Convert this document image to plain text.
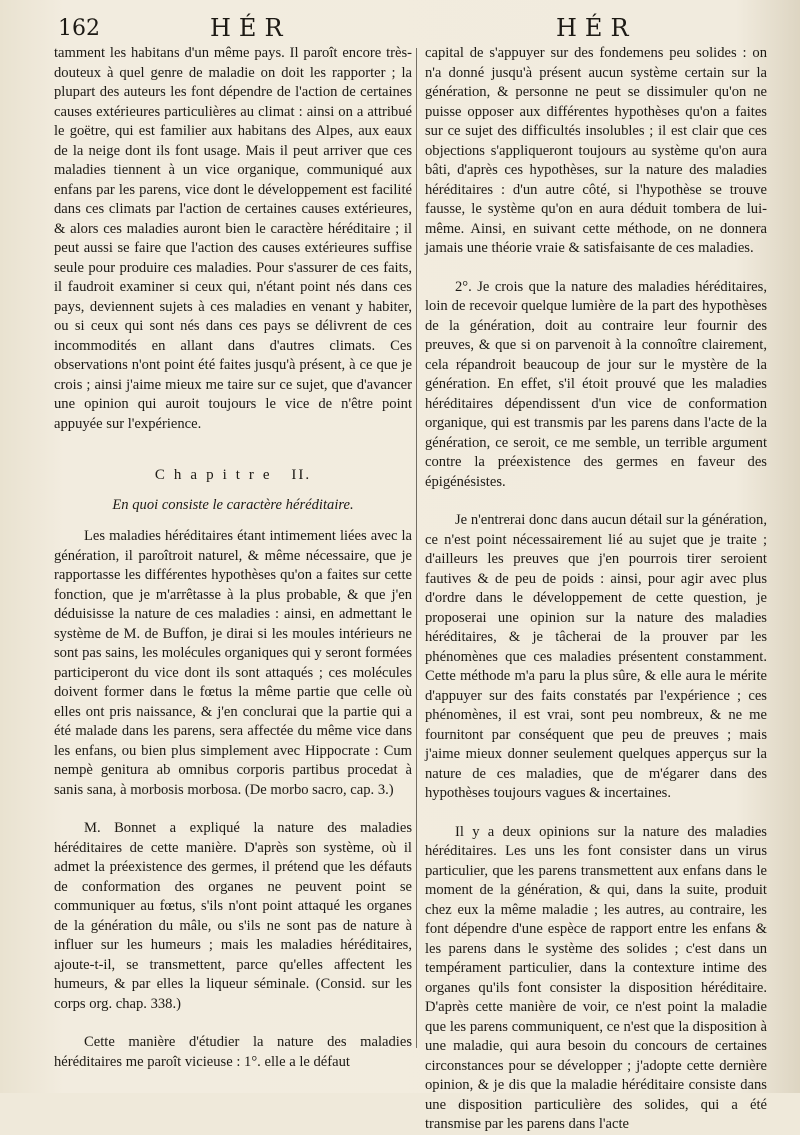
162	HÉR	HÉR

tamment les habitans d'un même pays. Il paroît encore très-douteux à quel genre de maladie on doit les rapporter ; la plupart des auteurs les font dépendre de l'action de certaines causes extérieures particulières au climat : ainsi on a attribué le goëtre, qui est familier aux habitans des Alpes, aux eaux de la neige dont ils font usage. Mais il peut arriver que ces maladies tiennent à un vice organique, communiqué aux enfans par les parens, vice dont le développement est facilité dans ces climats par l'action de certaines causes extérieures, & alors ces maladies auront bien le caractère héréditaire ; il peut aussi se faire que l'action des causes extérieures suffise seule pour produire ces maladies. Pour s'assurer de ces faits, il faudroit examiner si ceux qui, n'étant point nés dans ces pays, deviennent sujets à ces maladies en venant y habiter, ou si ceux qui sont nés dans ces pays se délivrent de ces incommodités en allant dans d'autres climats. Ces observations n'ont point été faites jusqu'à présent, à ce que je crois ; ainsi j'aime mieux me taire sur ce sujet, que d'avancer une opinion qui auroit toujours le vice de n'être point appuyée sur l'expérience.

Chapitre II.
En quoi consiste le caractère héréditaire.

Les maladies héréditaires étant intimement liées avec la génération, il paroîtroit naturel, & même nécessaire, que je rapportasse les différentes hypothèses qu'on a faites sur cette fonction, que je m'arrêtasse à la plus probable, & que j'en déduisisse la nature de ces maladies : ainsi, en admettant le système de M. de Buffon, je dirai si les moules intérieurs ne sont pas sains, les molécules organiques qui y seront formées participeront du vice dont ils sont attaqués ; ces molécules doivent former dans le fœtus la même partie que celle où elles ont pris naissance, & j'en conclurai que la partie qui a été malade dans les parens, sera affectée du même vice dans les enfans, ou bien plus simplement avec Hippocrate : Cum nempè genitura ab omnibus corporis partibus procedat à sanis sana, à morbosis morbosa. (De morbo sacro, cap. 3.)

M. Bonnet a expliqué la nature des maladies héréditaires de cette manière. D'après son système, où il admet la préexistence des germes, il prétend que les défauts de conformation des organes ne peuvent point se communiquer au fœtus, s'ils n'ont point attaqué les organes de la génération du mâle, ou s'ils ne sont pas de nature à influer sur les humeurs ; mais les maladies héréditaires, ajoute-t-il, se transmettent, parce qu'elles affectent les humeurs, & par elles la liqueur séminale. (Consid. sur les corps org. chap. 338.)

Cette manière d'étudier la nature des maladies héréditaires me paroît vicieuse : 1°. elle a le défaut

capital de s'appuyer sur des fondemens peu solides : on n'a donné jusqu'à présent aucun système certain sur la génération, & personne ne peut se dissimuler qu'on ne puisse opposer aux différentes hypothèses qu'on a faites sur ce sujet des difficultés insolubles ; il est clair que ces objections s'appliqueront toujours au système qu'on aura bâti, d'après ces hypothèses, sur la nature des maladies héréditaires : d'un autre côté, si l'hypothèse se trouve fausse, le système qu'on en aura déduit tombera de lui-même. Ainsi, en suivant cette méthode, on ne donnera jamais une théorie vraie & satisfaisante de ces maladies.

2°. Je crois que la nature des maladies héréditaires, loin de recevoir quelque lumière de la part des hypothèses de la génération, doit au contraire leur fournir des preuves, & que si on parvenoit à la connoître clairement, cela répandroit beaucoup de jour sur le mystère de la génération. En effet, s'il étoit prouvé que les maladies héréditaires dépendissent d'un vice de conformation organique, qui est transmis par les parens dans l'acte de la génération, ce seroit, ce me semble, un terrible argument contre la préexistence des germes en faveur des épigénésistes.

Je n'entrerai donc dans aucun détail sur la génération, ce n'est point nécessairement lié au sujet que je traite ; d'ailleurs les preuves que j'en pourrois tirer seroient fautives & de peu de poids : ainsi, pour agir avec plus d'ordre dans le développement de cette question, je proposerai une opinion sur la nature des maladies héréditaires, & je tâcherai de la prouver par les phénomènes que ces maladies présentent constamment. Cette méthode m'a paru la plus sûre, & elle aura le mérite d'appuyer sur des faits constatés par l'expérience ; ces phénomènes, il est vrai, sont peu nombreux, & ne me fournitont par conséquent que peu de preuves ; mais j'aime mieux donner seulement quelques apperçus sur la nature de ces maladies, que de m'égarer dans des hypothèses toujours vagues & incertaines.

Il y a deux opinions sur la nature des maladies héréditaires. Les uns les font consister dans un virus particulier, que les parens transmettent aux enfans dans le moment de la génération, & qui, dans la suite, produit chez eux la même maladie ; les autres, au contraire, les font dépendre d'une espèce de rapport entre les enfans & les parens dans le système des solides ; c'est dans un tempérament particulier, dans la contexture intime des organes qu'ils font consister la disposition héréditaire. D'après cette manière de voir, ce n'est point la maladie que les parens communiquent, ce n'est que la disposition à une maladie, qui aura besoin du concours de certaines circonstances pour se développer ; j'adopte cette dernière opinion, & je dis que la maladie héréditaire consiste dans une disposition particulière des solides, qui a été transmise par les parens dans l'acte
